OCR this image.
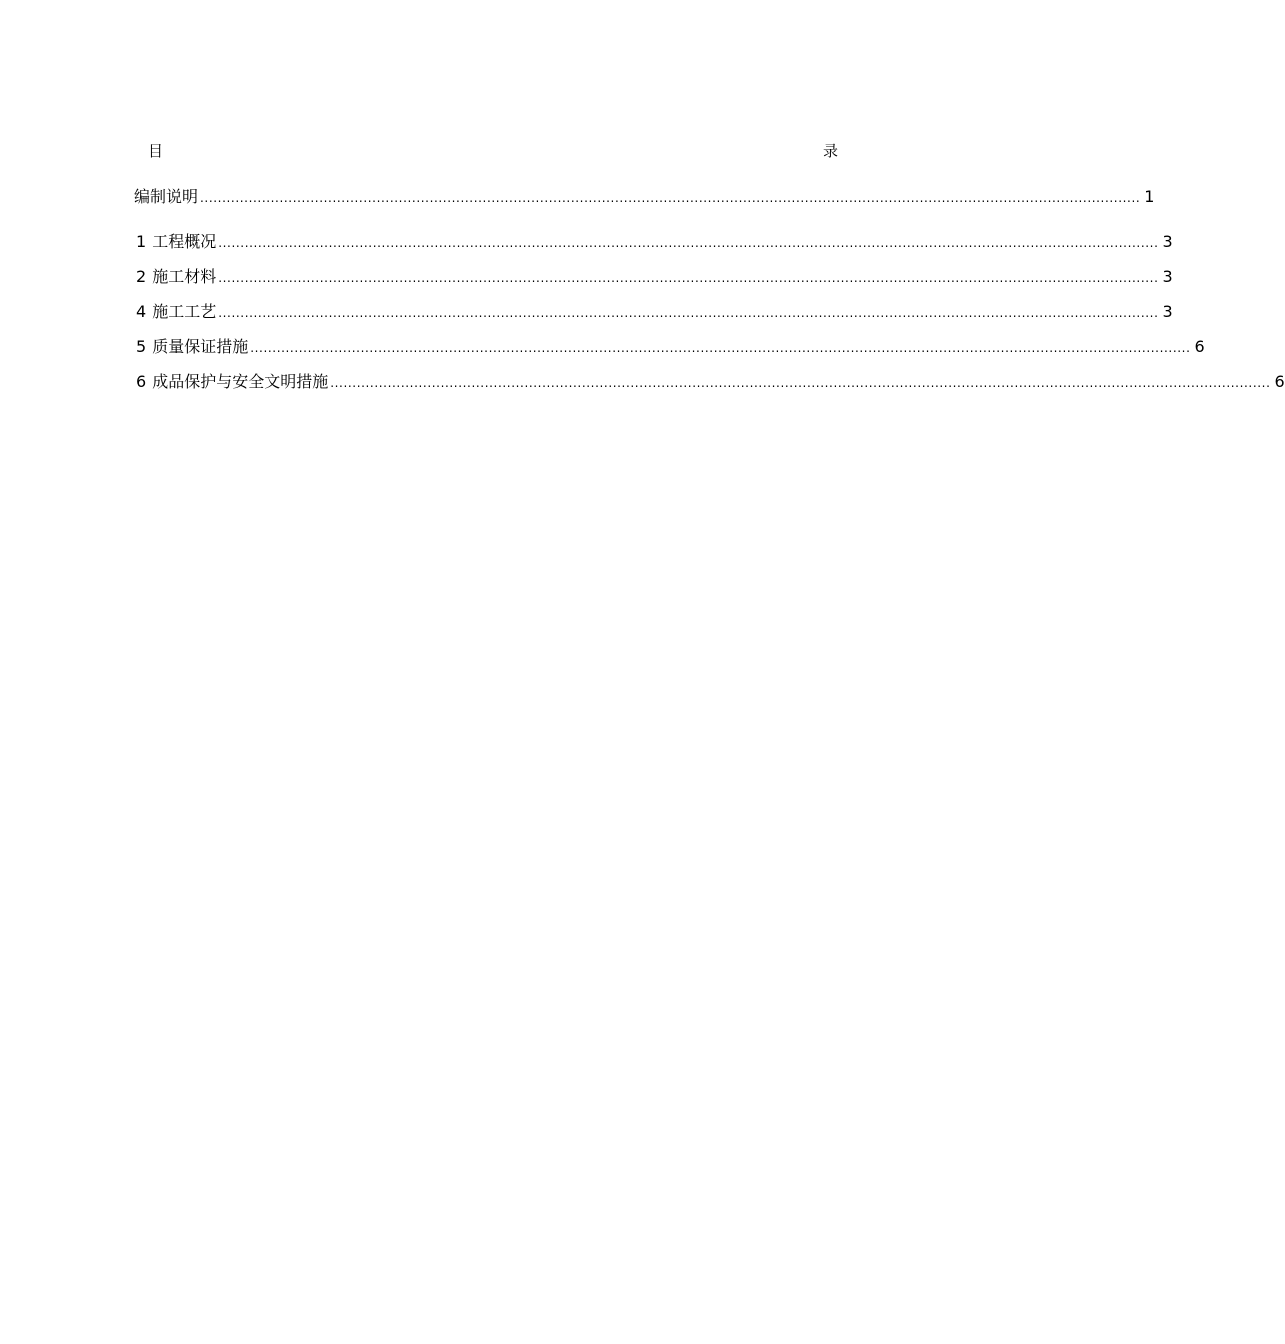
目	录
编制说明 ..................................................................................................................................................................................................................... 1
1 工程概况 ..................................................................................................................................................................................................................... 3
2 施工材料 ..................................................................................................................................................................................................................... 3
4 施工工艺 ..................................................................................................................................................................................................................... 3
5 质量保证措施 ..................................................................................................................................................................................................................... 6
6 成品保护与安全文明措施 ..................................................................................................................................................................................................................... 6
